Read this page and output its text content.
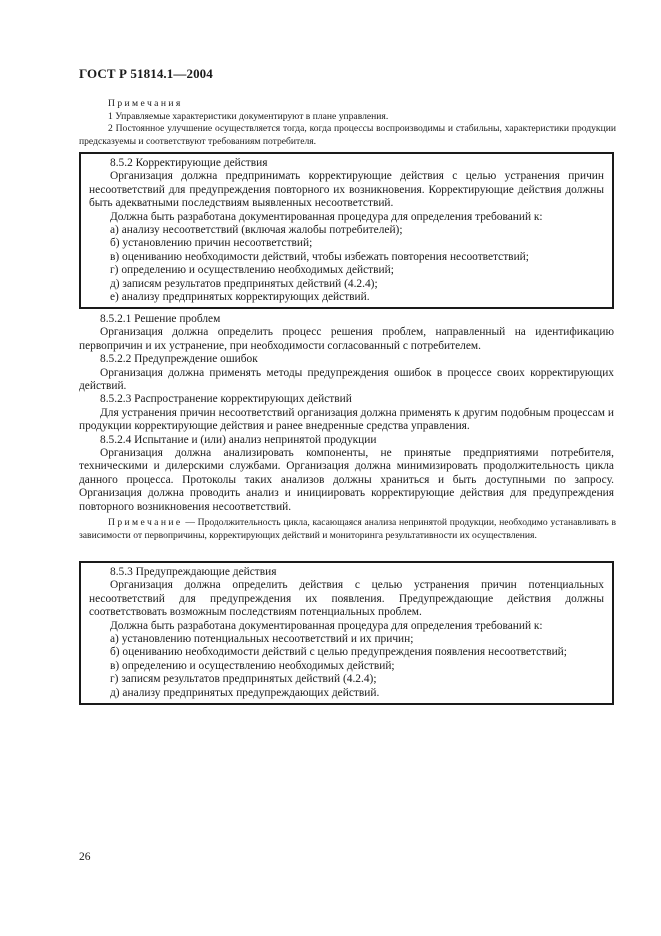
ГОСТ Р 51814.1—2004
Примечания
1 Управляемые характеристики документируют в плане управления.
2 Постоянное улучшение осуществляется тогда, когда процессы воспроизводимы и стабильны, характеристики продукции предсказуемы и соответствуют требованиям потребителя.

8.5.2 Корректирующие действия

Организация должна предпринимать корректирующие действия с целью устранения причин несоответствий для предупреждения повторного их возникновения. Корректирующие действия должны быть адекватными последствиям выявленных несоответствий.

Должна быть разработана документированная процедура для определения требований к:

а) анализу несоответствий (включая жалобы потребителей);

б) установлению причин несоответствий;

в) оцениванию необходимости действий, чтобы избежать повторения несоответствий;

г) определению и осуществлению необходимых действий;

д) записям результатов предпринятых действий (4.2.4);

е) анализу предпринятых корректирующих действий.

8.5.2.1 Решение проблем

Организация должна определить процесс решения проблем, направленный на идентификацию первопричин и их устранение, при необходимости согласованный с потребителем.

8.5.2.2 Предупреждение ошибок

Организация должна применять методы предупреждения ошибок в процессе своих корректирующих действий.

8.5.2.3 Распространение корректирующих действий

Для устранения причин несоответствий организация должна применять к другим подобным процессам и продукции корректирующие действия и ранее внедренные средства управления.

8.5.2.4 Испытание и (или) анализ непринятой продукции

Организация должна анализировать компоненты, не принятые предприятиями потребителя, техническими и дилерскими службами. Организация должна минимизировать продолжительность цикла данного процесса. Протоколы таких анализов должны храниться и быть доступными по запросу. Организация должна проводить анализ и инициировать корректирующие действия для предупреждения повторного возникновения несоответствий.

Примечание — Продолжительность цикла, касающаяся анализа непринятой продукции, необходимо устанавливать в зависимости от первопричины, корректирующих действий и мониторинга результативности их осуществления.

8.5.3 Предупреждающие действия

Организация должна определить действия с целью устранения причин потенциальных несоответствий для предупреждения их появления. Предупреждающие действия должны соответствовать возможным последствиям потенциальных проблем.

Должна быть разработана документированная процедура для определения требований к:

а) установлению потенциальных несоответствий и их причин;

б) оцениванию необходимости действий с целью предупреждения появления несоответствий;

в) определению и осуществлению необходимых действий;

г) записям результатов предпринятых действий (4.2.4);

д) анализу предпринятых предупреждающих действий.

26
